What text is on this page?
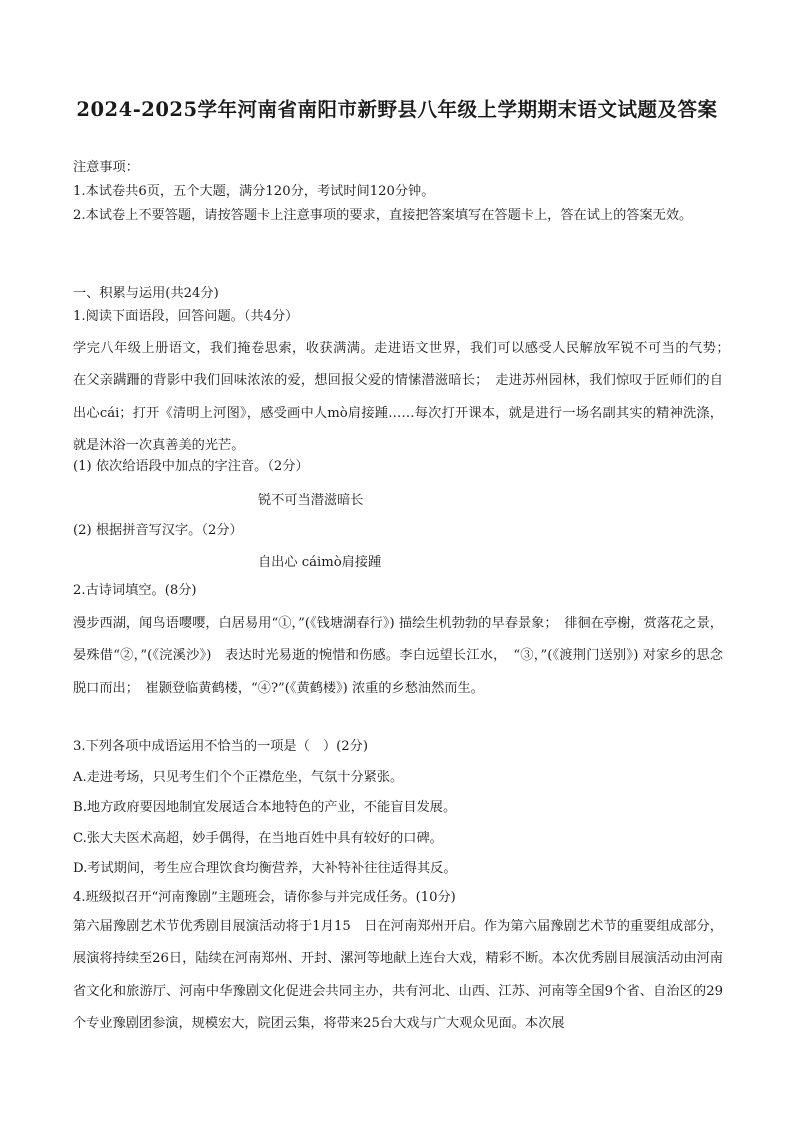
2024-2025学年河南省南阳市新野县八年级上学期期末语文试题及答案
注意事项：
1.本试卷共6页，五个大题，满分120分，考试时间120分钟。
2.本试卷上不要答题，请按答题卡上注意事项的要求，直接把答案填写在答题卡上，答在试上的答案无效。
一、积累与运用(共24分)
1.阅读下面语段，回答问题。（共4分）
学完八年级上册语文，我们掩卷思索，收获满满。走进语文世界，我们可以感受人民解放军锐不可当的气势；　在父亲蹒跚的背影中我们回味浓浓的爱，想回报父爱的情愫潜滋暗长；　走进苏州园林，我们惊叹于匠师们的自出心cái；打开《清明上河图》，感受画中人mò肩接踵……每次打开课本，就是进行一场名副其实的精神洗涤，就是沐浴一次真善美的光芒。
(1) 依次给语段中加点的字注音。（2分）
锐不可当潜滋暗长
(2) 根据拼音写汉字。（2分）
自出心 cáimò肩接踵
2.古诗词填空。(8分)
漫步西湖，闻鸟语嘤嘤，白居易用“①，”(《钱塘湖春行》) 描绘生机勃勃的早春景象；　徘徊在亭榭，赏落花之景，晏殊借“②，”(《浣溪沙》)　表达时光易逝的惋惜和伤感。李白远望长江水，　“③，”(《渡荆门送别》) 对家乡的思念脱口而出；　崔颢登临黄鹤楼，“④?”(《黄鹤楼》) 浓重的乡愁油然而生。
3.下列各项中成语运用不恰当的一项是（　）(2分)
A.走进考场，只见考生们个个正襟危坐，气氛十分紧张。
B.地方政府要因地制宜发展适合本地特色的产业，不能盲目发展。
C.张大夫医术高超，妙手偶得，在当地百姓中具有较好的口碑。
D.考试期间，考生应合理饮食均衡营养，大补特补往往适得其反。
4.班级拟召开“河南豫剧”主题班会，请你参与并完成任务。(10分)
第六届豫剧艺术节优秀剧目展演活动将于1月15　日在河南郑州开启。作为第六届豫剧艺术节的重要组成部分，展演将持续至26日，陆续在河南郑州、开封、漯河等地献上连台大戏，精彩不断。本次优秀剧目展演活动由河南省文化和旅游厅、河南中华豫剧文化促进会共同主办，共有河北、山西、江苏、河南等全国9个省、自治区的29　 个专业豫剧团参演，规模宏大，院团云集，将带来25台大戏与广大观众见面。本次展
